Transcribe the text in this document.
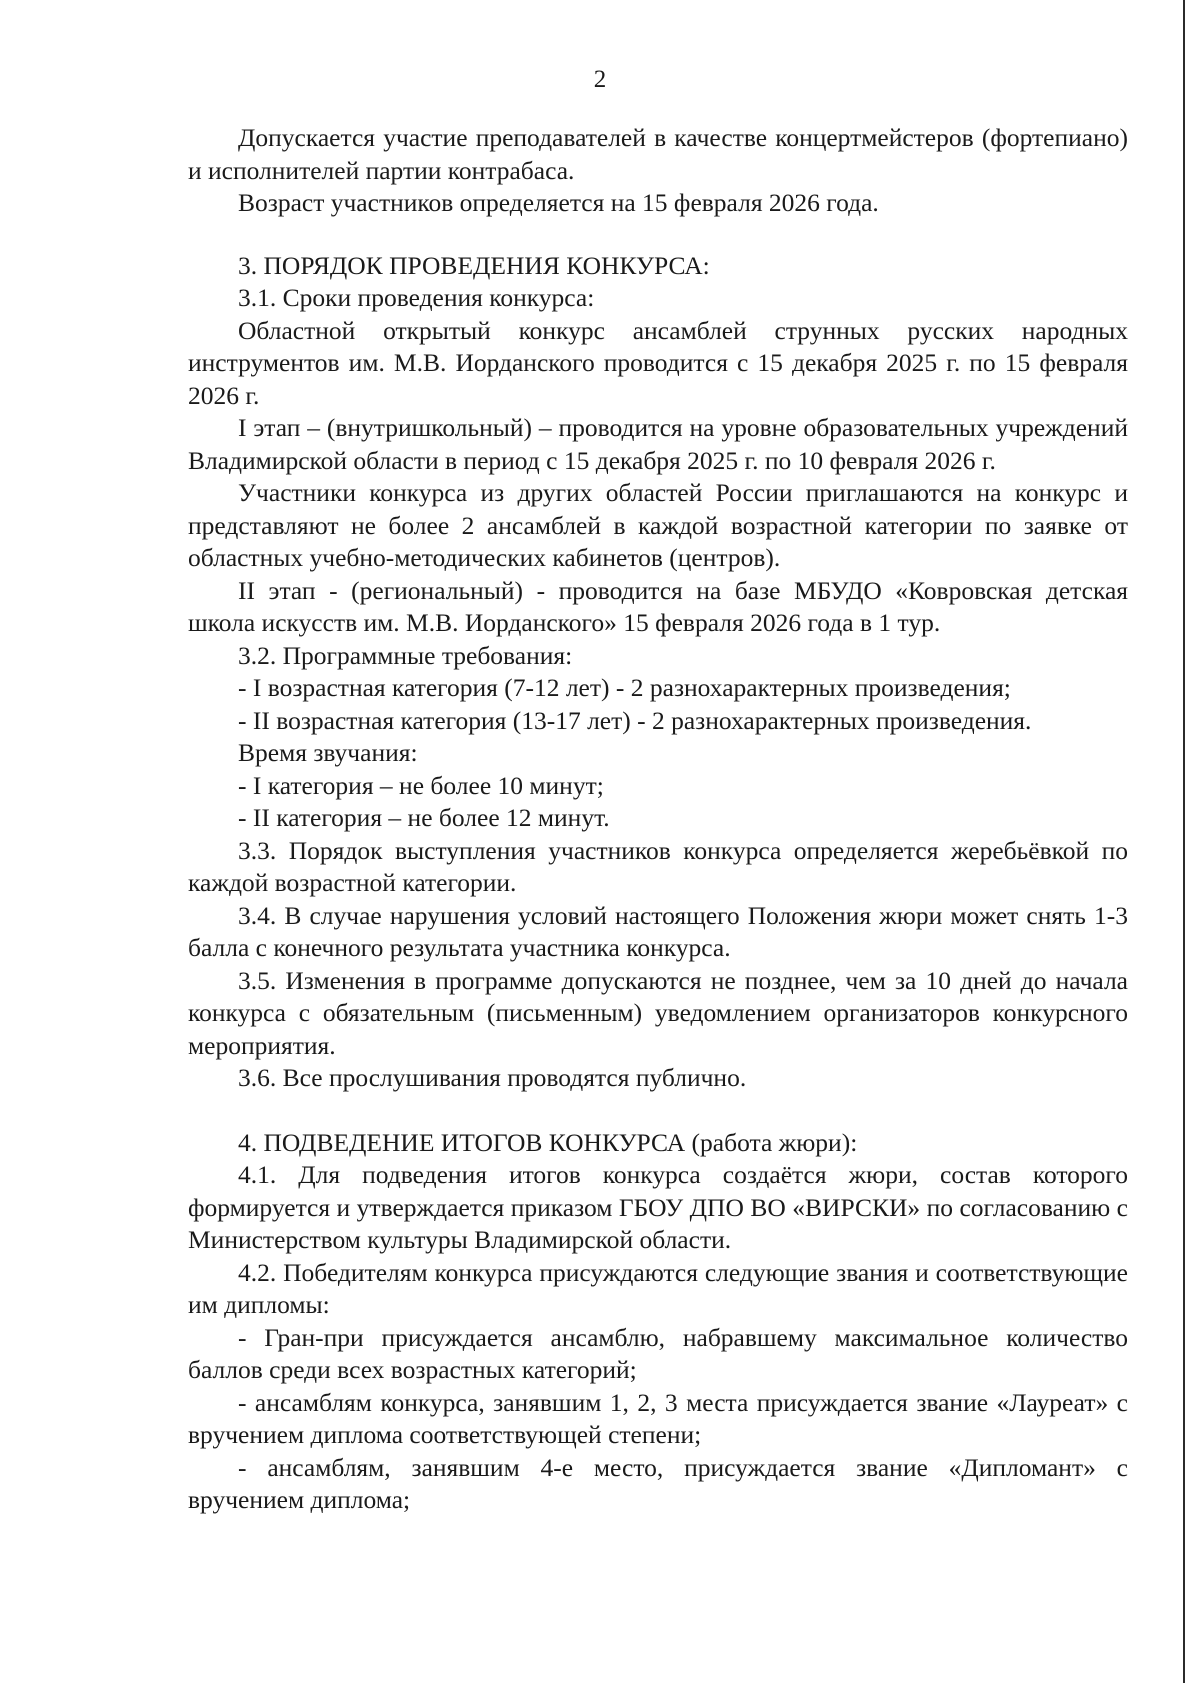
2

Допускается участие преподавателей в качестве концертмейстеров (фортепиано) и исполнителей партии контрабаса.

Возраст участников определяется на 15 февраля 2026 года.

3. ПОРЯДОК ПРОВЕДЕНИЯ КОНКУРСА:

3.1. Сроки проведения конкурса:

Областной открытый конкурс ансамблей струнных русских народных инструментов им. М.В. Иорданского проводится с 15 декабря 2025 г. по 15 февраля 2026 г.

I этап – (внутришкольный) – проводится на уровне образовательных учреждений Владимирской области в период с 15 декабря 2025 г. по 10 февраля 2026 г.

Участники конкурса из других областей России приглашаются на конкурс и представляют не более 2 ансамблей в каждой возрастной категории по заявке от областных учебно-методических кабинетов (центров).

II этап - (региональный) - проводится на базе МБУДО «Ковровская детская школа искусств им. М.В. Иорданского» 15 февраля 2026 года в 1 тур.

3.2. Программные требования:

- I возрастная категория (7-12 лет) - 2 разнохарактерных произведения;

- II возрастная категория (13-17 лет) - 2 разнохарактерных произведения.

Время звучания:

- I категория – не более 10 минут;

- II категория – не более 12 минут.

3.3. Порядок выступления участников конкурса определяется жеребьёвкой по каждой возрастной категории.

3.4. В случае нарушения условий настоящего Положения жюри может снять 1-3 балла с конечного результата участника конкурса.

3.5. Изменения в программе допускаются не позднее, чем за 10 дней до начала конкурса с обязательным (письменным) уведомлением организаторов конкурсного мероприятия.

3.6. Все прослушивания проводятся публично.

4. ПОДВЕДЕНИЕ ИТОГОВ КОНКУРСА (работа жюри):

4.1. Для подведения итогов конкурса создаётся жюри, состав которого формируется и утверждается приказом ГБОУ ДПО ВО «ВИРСКИ» по согласованию с Министерством культуры Владимирской области.

4.2. Победителям конкурса присуждаются следующие звания и соответствующие им дипломы:

- Гран-при присуждается ансамблю, набравшему максимальное количество баллов среди всех возрастных категорий;

- ансамблям конкурса, занявшим 1, 2, 3 места присуждается звание «Лауреат» с вручением диплома соответствующей степени;

- ансамблям, занявшим 4-е место, присуждается звание «Дипломант» с вручением диплома;
